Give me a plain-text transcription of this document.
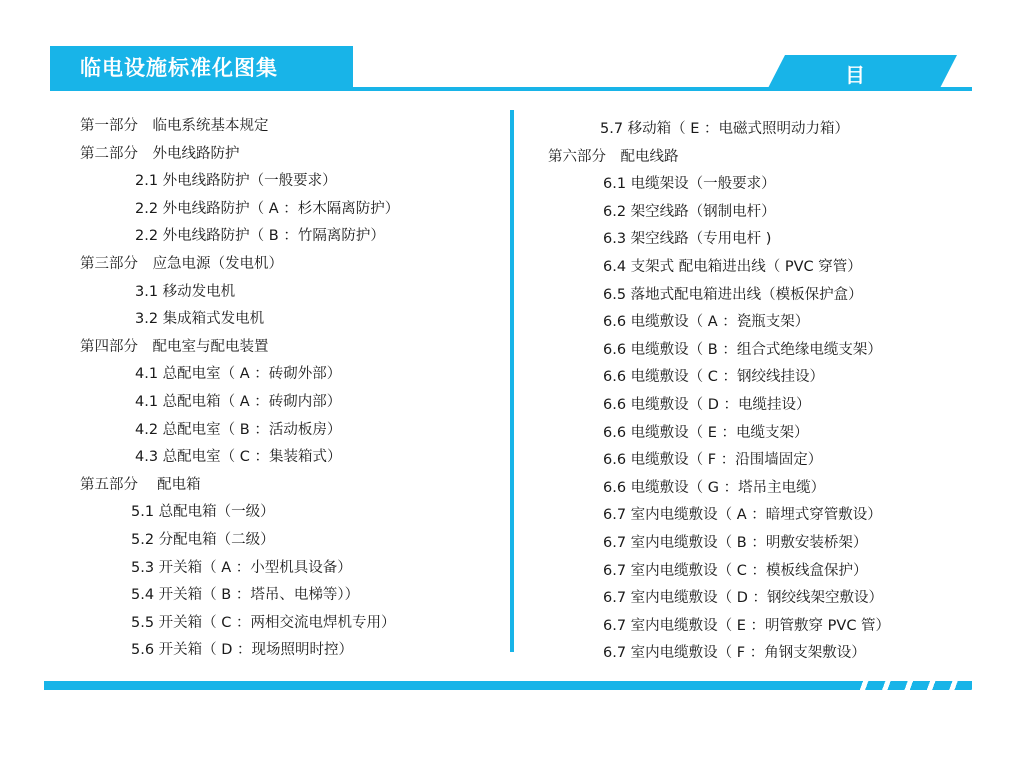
临电设施标准化图集	目
第一部分　临电系统基本规定
第二部分　外电线路防护
2.1 外电线路防护（一般要求）
2.2 外电线路防护（ A ：杉木隔离防护）
2.2 外电线路防护（ B ：竹隔离防护）
第三部分　应急电源（发电机）
3.1 移动发电机
3.2 集成箱式发电机
第四部分　配电室与配电装置
4.1 总配电室（ A ：砖砌外部）
4.1 总配电箱（ A ：砖砌内部）
4.2 总配电室（ B ：活动板房）
4.3 总配电室（ C ：集装箱式）
第五部分　 配电箱
5.1 总配电箱（一级）
5.2 分配电箱（二级）
5.3 开关箱（ A ：小型机具设备）
5.4 开关箱（ B ：塔吊、电梯等））
5.5 开关箱（ C ：两相交流电焊机专用）
5.6 开关箱（ D ：现场照明时控）
5.7 移动箱（ E ：电磁式照明动力箱）
第六部分　配电线路
6.1 电缆架设（一般要求）
6.2 架空线路（钢制电杆）
6.3 架空线路（专用电杆 )
6.4 支架式 配电箱进出线（ PVC 穿管）
6.5 落地式配电箱进出线（模板保护盒）
6.6 电缆敷设（ A ：瓷瓶支架）
6.6 电缆敷设（ B ：组合式绝缘电缆支架）
6.6 电缆敷设（ C ：钢绞线挂设）
6.6 电缆敷设（ D ：电缆挂设）
6.6 电缆敷设（ E ：电缆支架）
6.6 电缆敷设（ F ：沿围墙固定）
6.6 电缆敷设（ G ：塔吊主电缆）
6.7 室内电缆敷设（ A ：暗埋式穿管敷设）
6.7 室内电缆敷设（ B ：明敷安装桥架）
6.7 室内电缆敷设（ C ：模板线盒保护）
6.7 室内电缆敷设（ D ：钢绞线架空敷设）
6.7 室内电缆敷设（ E ：明管敷穿 PVC 管）
6.7 室内电缆敷设（ F ：角钢支架敷设）
